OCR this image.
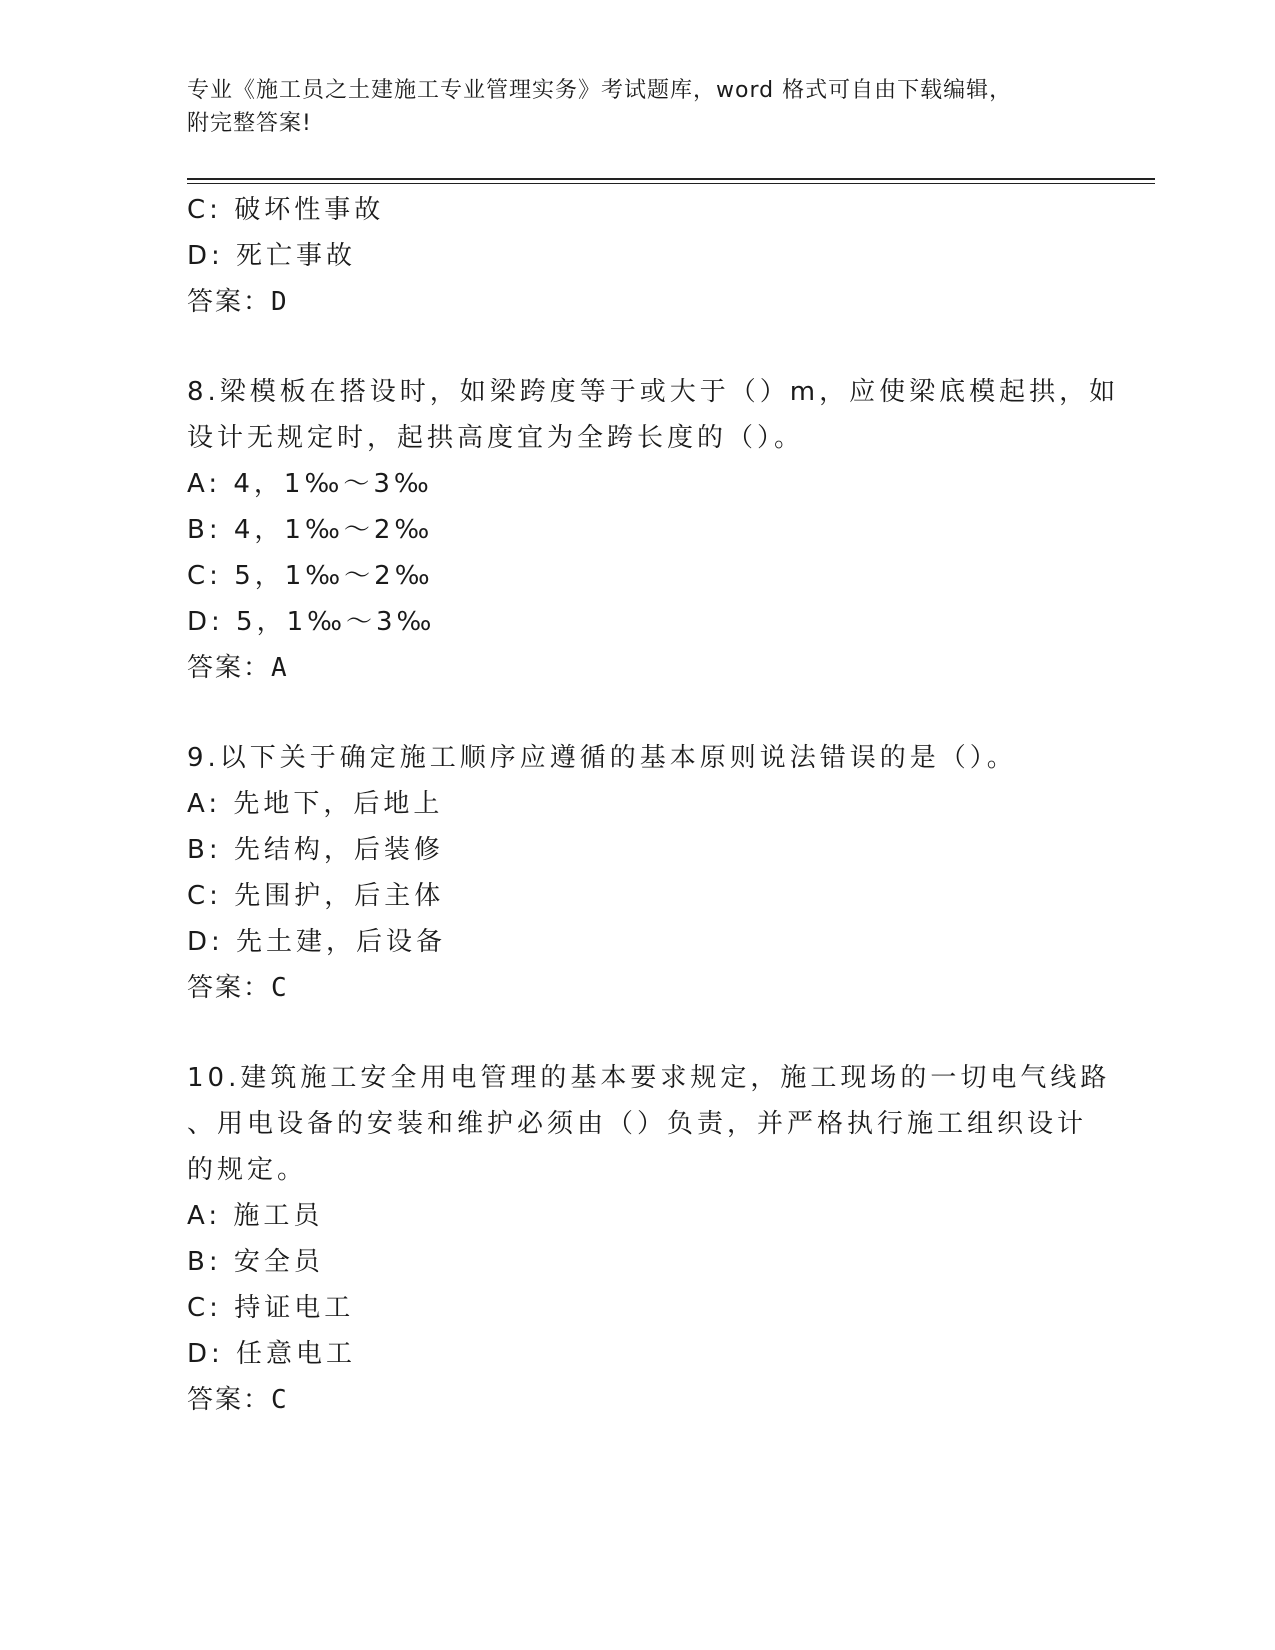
专业《施工员之土建施工专业管理实务》考试题库，word 格式可自由下载编辑，
附完整答案!
C: 破坏性事故
D: 死亡事故
答案：D
8.梁模板在搭设时，如梁跨度等于或大于（）m，应使梁底模起拱，如
设计无规定时，起拱高度宜为全跨长度的（）。
A: 4，1‰～3‰
B: 4，1‰～2‰
C: 5，1‰～2‰
D: 5，1‰～3‰
答案：A
9.以下关于确定施工顺序应遵循的基本原则说法错误的是（）。
A: 先地下，后地上
B: 先结构，后装修
C: 先围护，后主体
D: 先土建，后设备
答案：C
10.建筑施工安全用电管理的基本要求规定，施工现场的一切电气线路
、用电设备的安装和维护必须由（）负责，并严格执行施工组织设计
的规定。
A: 施工员
B: 安全员
C: 持证电工
D: 任意电工
答案：C
